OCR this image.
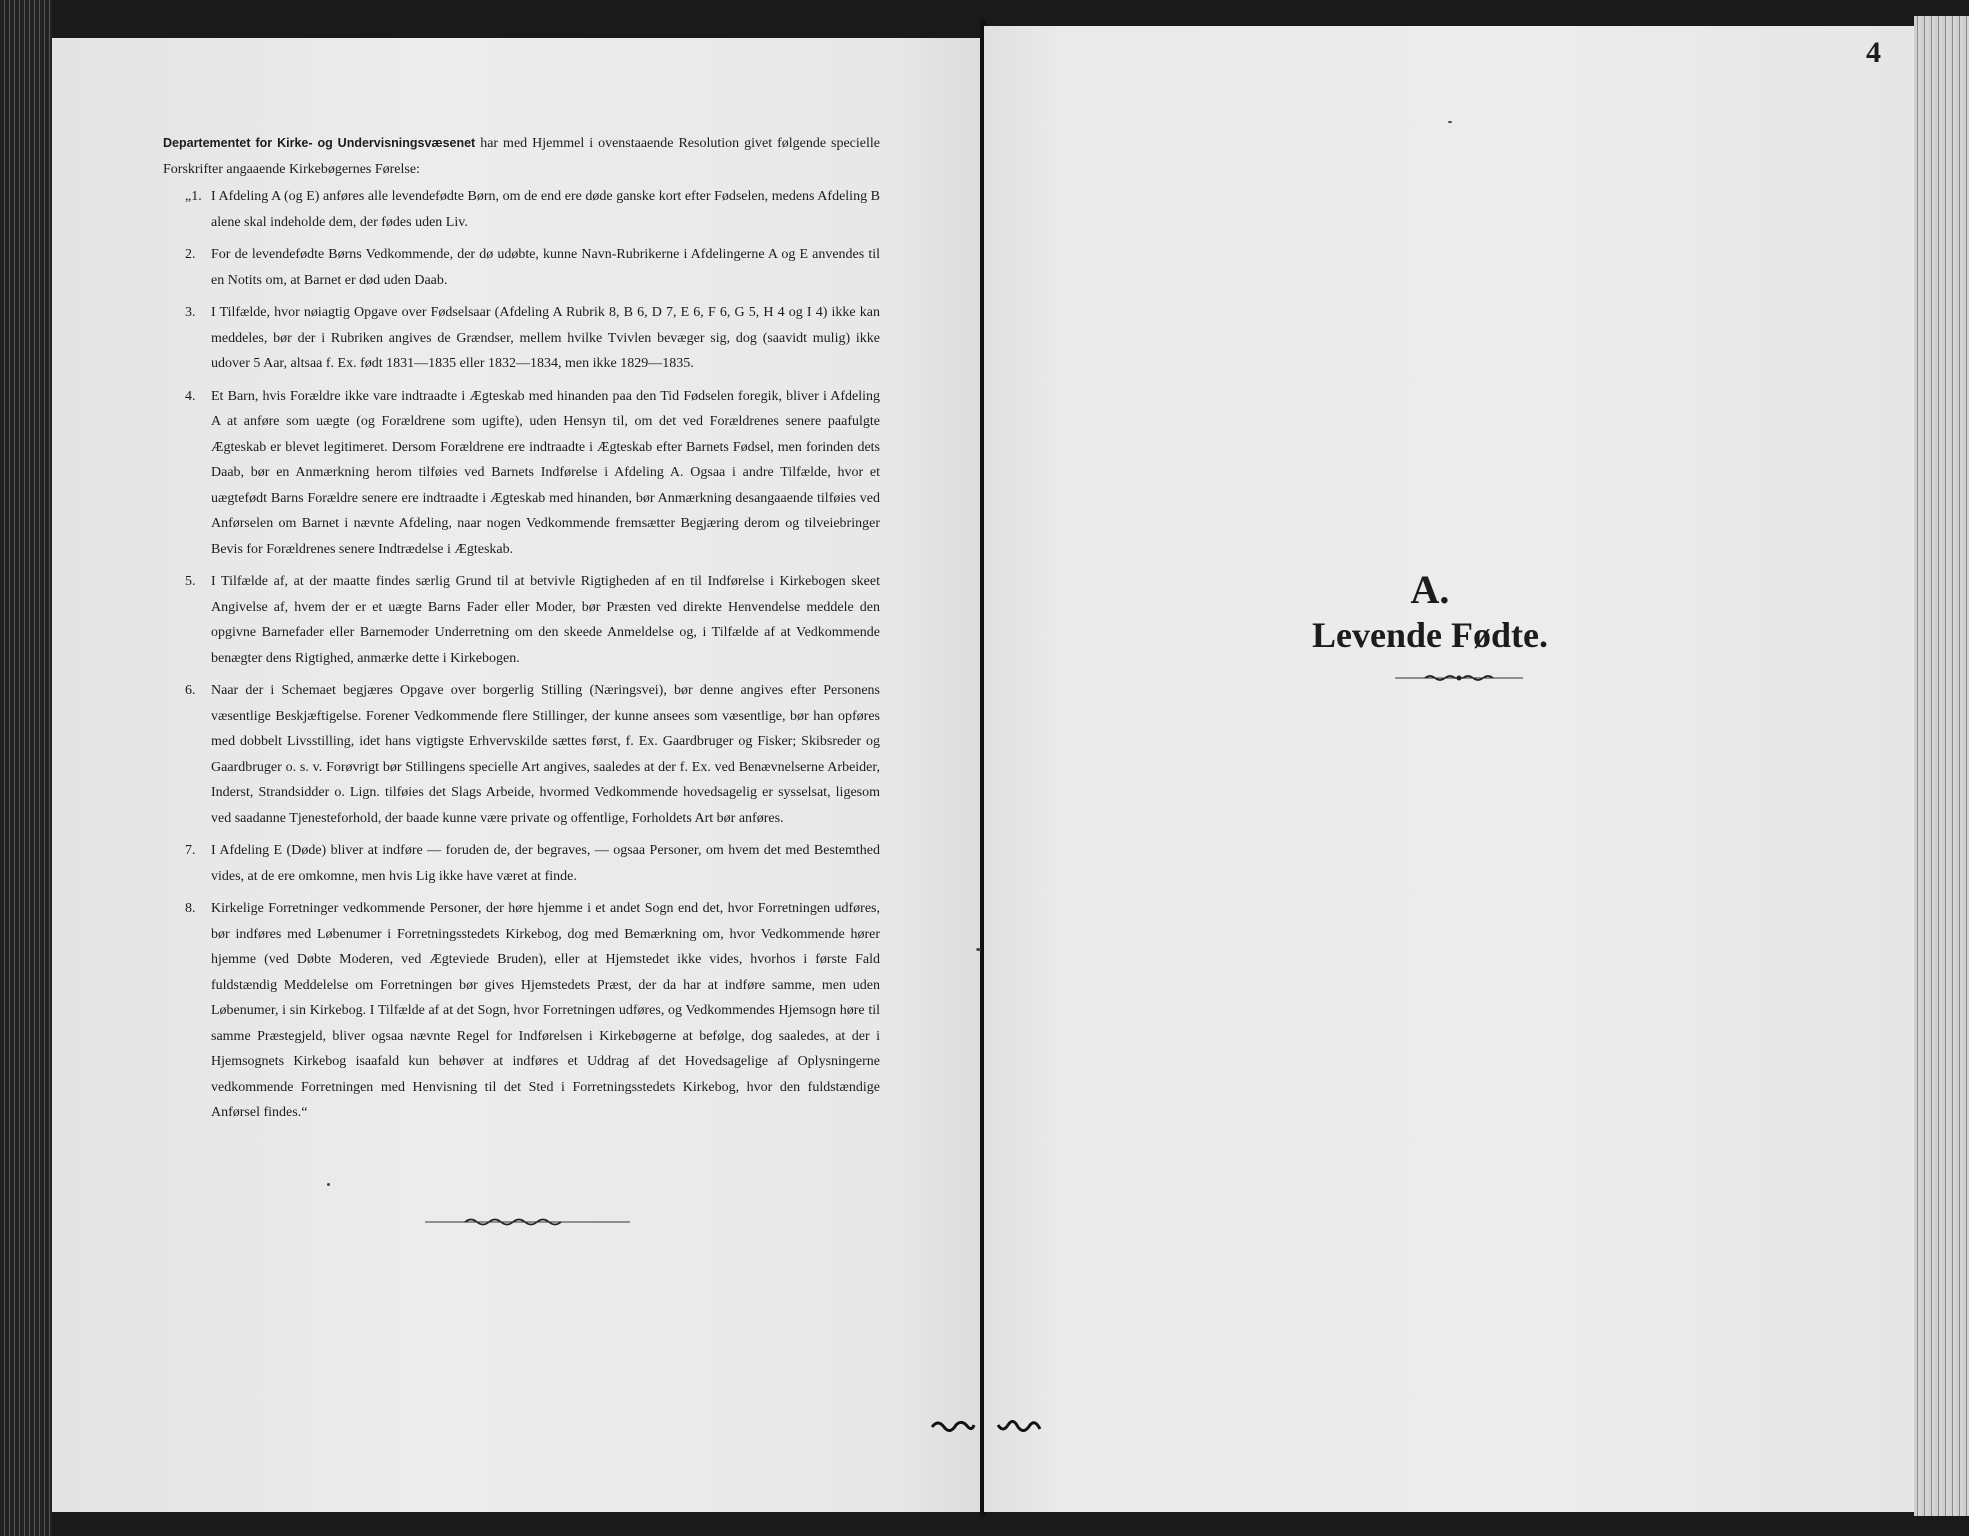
Departementet for Kirke- og Undervisningsvæsenet har med Hjemmel i ovenstaaende Resolution givet følgende specielle Forskrifter angaaende Kirkebøgernes Førelse:

„1. I Afdeling A (og E) anføres alle levendefødte Børn, om de end ere døde ganske kort efter Fødselen, medens Afdeling B alene skal indeholde dem, der fødes uden Liv.
2.	For de levendefødte Børns Vedkommende, der dø udøbte, kunne Navn-Rubrikerne i Afdelingerne A og E anvendes til en Notits om, at Barnet er død uden Daab.
3.	I Tilfælde, hvor nøiagtig Opgave over Fødselsaar (Afdeling A Rubrik 8, B 6, D 7, E 6, F 6, G 5, H 4 og I 4) ikke kan meddeles, bør der i Rubriken angives de Grændser, mellem hvilke Tvivlen bevæger sig, dog (saavidt mulig) ikke udover 5 Aar, altsaa f. Ex. født 1831—1835 eller 1832—1834, men ikke 1829—1835.
4.	Et Barn, hvis Forældre ikke vare indtraadte i Ægteskab med hinanden paa den Tid Fødselen foregik, bliver i Afdeling A at anføre som uægte (og Forældrene som ugifte), uden Hensyn til, om det ved Forældrenes senere paafulgte Ægteskab er blevet legitimeret. Dersom Forældrene ere indtraadte i Ægteskab efter Barnets Fødsel, men forinden dets Daab, bør en Anmærkning herom tilføies ved Barnets Indførelse i Afdeling A. Ogsaa i andre Tilfælde, hvor et uægtefødt Barns Forældre senere ere indtraadte i Ægteskab med hinanden, bør Anmærkning desangaaende tilføies ved Anførselen om Barnet i nævnte Afdeling, naar nogen Vedkommende fremsætter Begjæring derom og tilveiebringer Bevis for Forældrenes senere Indtrædelse i Ægteskab.
5.	I Tilfælde af, at der maatte findes særlig Grund til at betvivle Rigtigheden af en til Indførelse i Kirkebogen skeet Angivelse af, hvem der er et uægte Barns Fader eller Moder, bør Præsten ved direkte Henvendelse meddele den opgivne Barnefader eller Barnemoder Underretning om den skeede Anmeldelse og, i Tilfælde af at Vedkommende benægter dens Rigtighed, anmærke dette i Kirkebogen.
6.	Naar der i Schemaet begjæres Opgave over borgerlig Stilling (Næringsvei), bør denne angives efter Personens væsentlige Beskjæftigelse. Forener Vedkommende flere Stillinger, der kunne ansees som væsentlige, bør han opføres med dobbelt Livsstilling, idet hans vigtigste Erhvervskilde sættes først, f. Ex. Gaardbruger og Fisker; Skibsreder og Gaardbruger o. s. v. Forøvrigt bør Stillingens specielle Art angives, saaledes at der f. Ex. ved Benævnelserne Arbeider, Inderst, Strandsidder o. Lign. tilføies det Slags Arbeide, hvormed Vedkommende hovedsagelig er sysselsat, ligesom ved saadanne Tjenesteforhold, der baade kunne være private og offentlige, Forholdets Art bør anføres.
7.	I Afdeling E (Døde) bliver at indføre — foruden de, der begraves, — ogsaa Personer, om hvem det med Bestemthed vides, at de ere omkomne, men hvis Lig ikke have været at finde.
8.	Kirkelige Forretninger vedkommende Personer, der høre hjemme i et andet Sogn end det, hvor Forretningen udføres, bør indføres med Løbenumer i Forretningsstedets Kirkebog, dog med Bemærkning om, hvor Vedkommende hører hjemme (ved Døbte Moderen, ved Ægteviede Bruden), eller at Hjemstedet ikke vides, hvorhos i første Fald fuldstændig Meddelelse om Forretningen bør gives Hjemstedets Præst, der da har at indføre samme, men uden Løbenumer, i sin Kirkebog. I Tilfælde af at det Sogn, hvor Forretningen udføres, og Vedkommendes Hjemsogn høre til samme Præstegjeld, bliver ogsaa nævnte Regel for Indførelsen i Kirkebøgerne at befølge, dog saaledes, at der i Hjemsognets Kirkebog isaafald kun behøver at indføres et Uddrag af det Hovedsagelige af Oplysningerne vedkommende Forretningen med Henvisning til det Sted i Forretningsstedets Kirkebog, hvor den fuldstændige Anførsel findes.“

4

A.

Levende Fødte.
